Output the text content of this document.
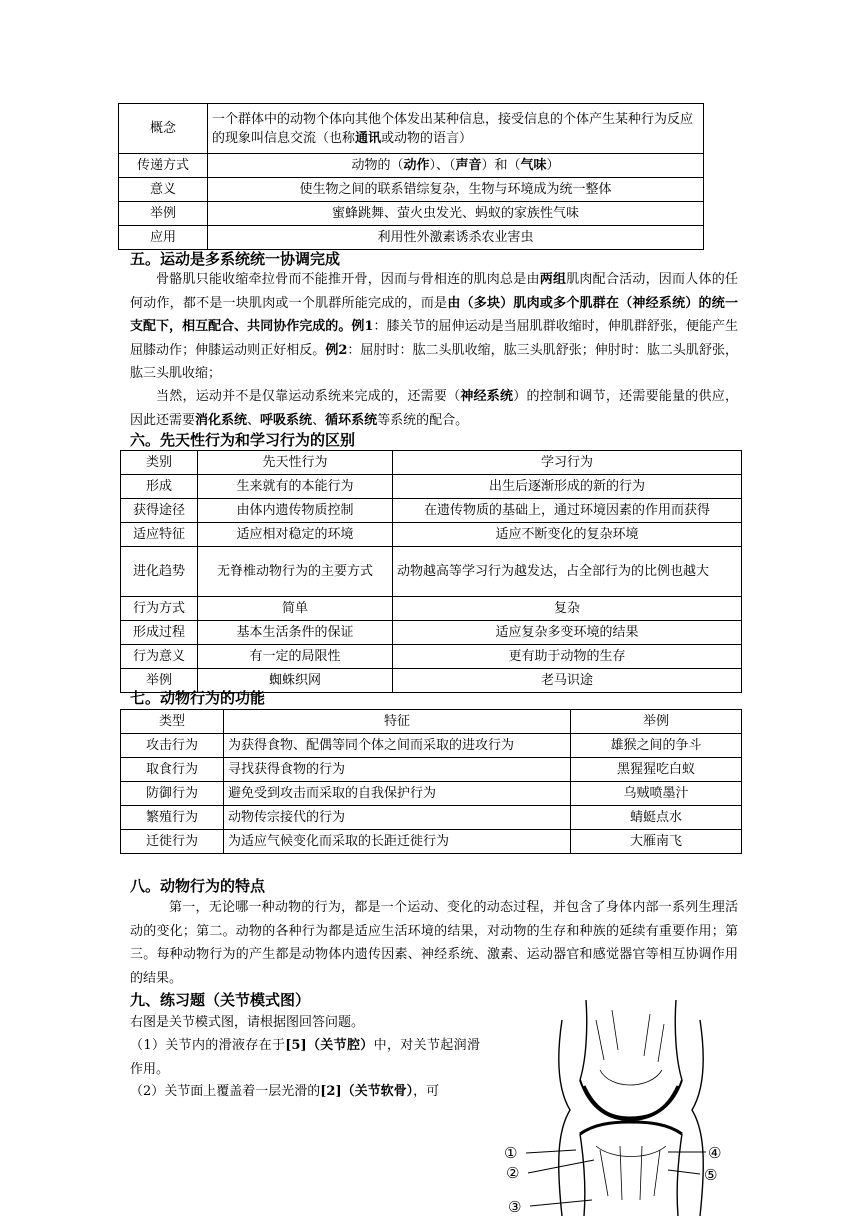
概念	一个群体中的动物个体向其他个体发出某种信息，接受信息的个体产生某种行为反应的现象叫信息交流（也称通讯或动物的语言）
传递方式	动物的（动作）、（声音）和（气味）
意义	使生物之间的联系错综复杂，生物与环境成为统一整体
举例	蜜蜂跳舞、萤火虫发光、蚂蚁的家族性气味
应用	利用性外激素诱杀农业害虫
五。运动是多系统统一协调完成
骨骼肌只能收缩牵拉骨而不能推开骨，因而与骨相连的肌肉总是由两组肌肉配合活动，因而人体的任何动作，都不是一块肌肉或一个肌群所能完成的，而是由（多块）肌肉或多个肌群在（神经系统）的统一支配下，相互配合、共同协作完成的。例1：膝关节的屈伸运动是当屈肌群收缩时，伸肌群舒张，便能产生屈膝动作；伸膝运动则正好相反。例2：屈肘时：肱二头肌收缩，肱三头肌舒张；伸肘时：肱二头肌舒张，肱三头肌收缩；
当然，运动并不是仅靠运动系统来完成的，还需要（神经系统）的控制和调节，还需要能量的供应，因此还需要消化系统、呼吸系统、循环系统等系统的配合。
六。先天性行为和学习行为的区别
类别	先天性行为	学习行为
形成	生来就有的本能行为	出生后逐渐形成的新的行为
获得途径	由体内遗传物质控制	在遗传物质的基础上，通过环境因素的作用而获得
适应特征	适应相对稳定的环境	适应不断变化的复杂环境
进化趋势	无脊椎动物行为的主要方式	动物越高等学习行为越发达，占全部行为的比例也越大
行为方式	简单	复杂
形成过程	基本生活条件的保证	适应复杂多变环境的结果
行为意义	有一定的局限性	更有助于动物的生存
举例	蜘蛛织网	老马识途
七。动物行为的功能
类型	特征	举例
攻击行为	为获得食物、配偶等同个体之间而采取的进攻行为	雄猴之间的争斗
取食行为	寻找获得食物的行为	黑猩猩吃白蚁
防御行为	避免受到攻击而采取的自我保护行为	乌贼喷墨汁
繁殖行为	动物传宗接代的行为	蜻蜓点水
迁徙行为	为适应气候变化而采取的长距迁徙行为	大雁南飞
八。动物行为的特点
第一，无论哪一种动物的行为，都是一个运动、变化的动态过程，并包含了身体内部一系列生理活动的变化；第二。动物的各种行为都是适应生活环境的结果，对动物的生存和种族的延续有重要作用；第三。每种动物行为的产生都是动物体内遗传因素、神经系统、激素、运动器官和感觉器官等相互协调作用的结果。
九、练习题（关节模式图）
右图是关节模式图，请根据图回答问题。
（1）关节内的滑液存在于[5]（关节腔）中，对关节起润滑作用。
（2）关节面上覆盖着一层光滑的[2]（关节软骨），可
①
②
③
④
⑤
